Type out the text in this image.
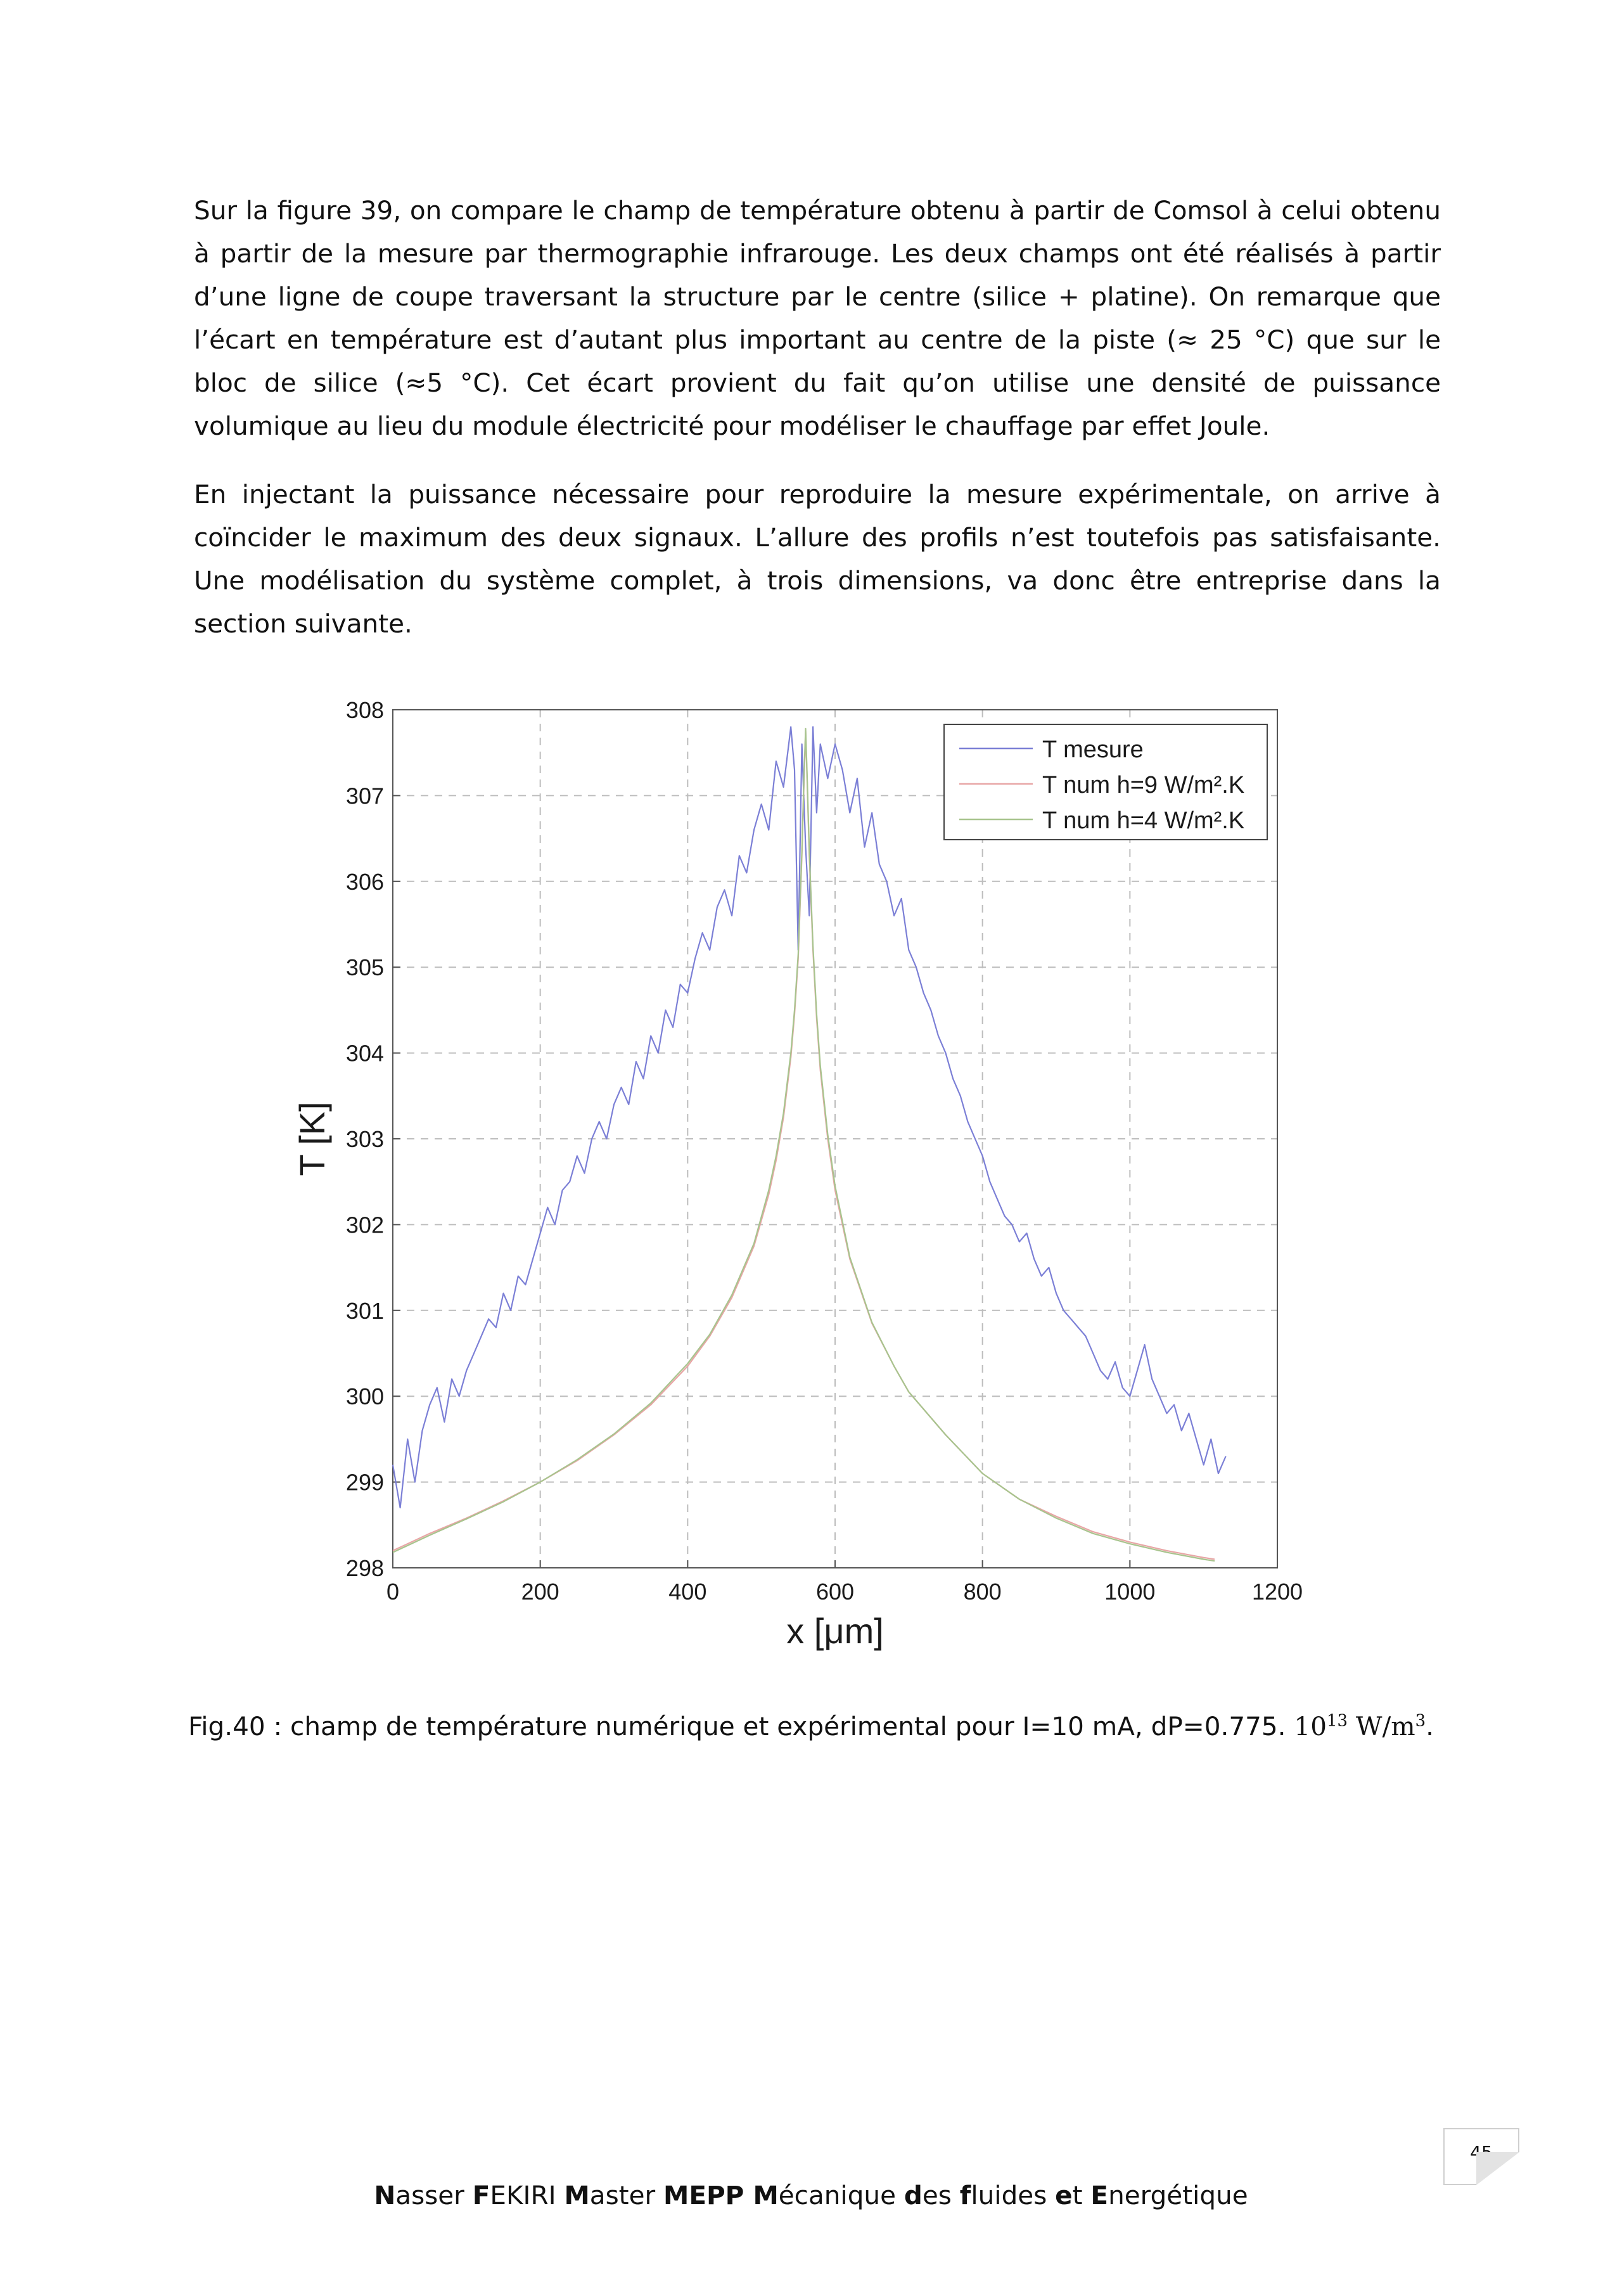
Sur la figure 39, on compare le champ de température obtenu à partir de Comsol à celui obtenu à partir de la mesure par thermographie infrarouge. Les deux champs ont été réalisés à partir d’une ligne de coupe traversant la structure par le centre (silice + platine). On remarque que l’écart en température est d’autant plus important au centre de la piste (≈ 25 °C) que sur le bloc de silice (≈5 °C). Cet écart provient du fait qu’on utilise une densité de puissance volumique au lieu du module électricité pour modéliser le chauffage par effet Joule.

En injectant la puissance nécessaire pour reproduire la mesure expérimentale, on arrive à coïncider le maximum des deux signaux. L’allure des profils n’est toutefois pas satisfaisante. Une modélisation du système complet, à trois dimensions, va donc être entreprise dans la section suivante.

0	200	400	600	800	1000	1200
298
299
300
301
302
303
304
305
306
307
308
T mesure
T num h=9 W/m².K
T num h=4 W/m².K
T [K]
x [μm]

Fig.40 : champ de température numérique et expérimental pour I=10 mA, dP=0.775. $10^{13}$ $W/m^3$.

Nasser FEKIRI Master MEPP Mécanique des fluides et Energétique

45
